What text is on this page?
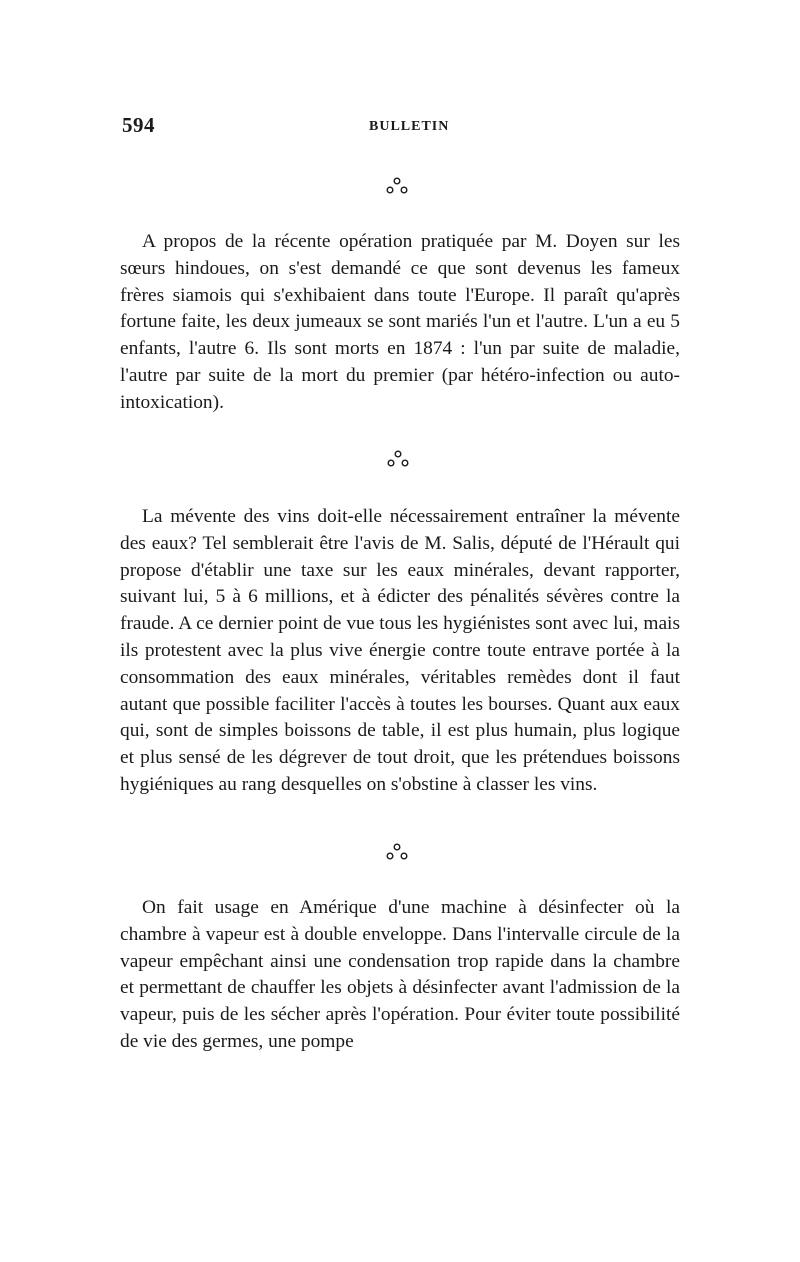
594	BULLETIN

A propos de la récente opération pratiquée par M. Doyen sur les sœurs hindoues, on s'est demandé ce que sont devenus les fameux frères siamois qui s'exhibaient dans toute l'Europe. Il paraît qu'après fortune faite, les deux jumeaux se sont mariés l'un et l'autre. L'un a eu 5 enfants, l'autre 6. Ils sont morts en 1874 : l'un par suite de maladie, l'autre par suite de la mort du premier (par hétéro-infection ou auto-intoxication).

La mévente des vins doit-elle nécessairement entraîner la mévente des eaux? Tel semblerait être l'avis de M. Salis, député de l'Hérault qui propose d'établir une taxe sur les eaux minérales, devant rapporter, suivant lui, 5 à 6 millions, et à édicter des pénalités sévères contre la fraude. A ce dernier point de vue tous les hygiénistes sont avec lui, mais ils protestent avec la plus vive énergie contre toute entrave portée à la consommation des eaux minérales, véritables remèdes dont il faut autant que possible faciliter l'accès à toutes les bourses. Quant aux eaux qui, sont de simples boissons de table, il est plus humain, plus logique et plus sensé de les dégrever de tout droit, que les prétendues boissons hygiéniques au rang desquelles on s'obstine à classer les vins.

On fait usage en Amérique d'une machine à désinfecter où la chambre à vapeur est à double enveloppe. Dans l'intervalle circule de la vapeur empêchant ainsi une condensation trop rapide dans la chambre et permettant de chauffer les objets à désinfecter avant l'admission de la vapeur, puis de les sécher après l'opération. Pour éviter toute possibilité de vie des germes, une pompe
